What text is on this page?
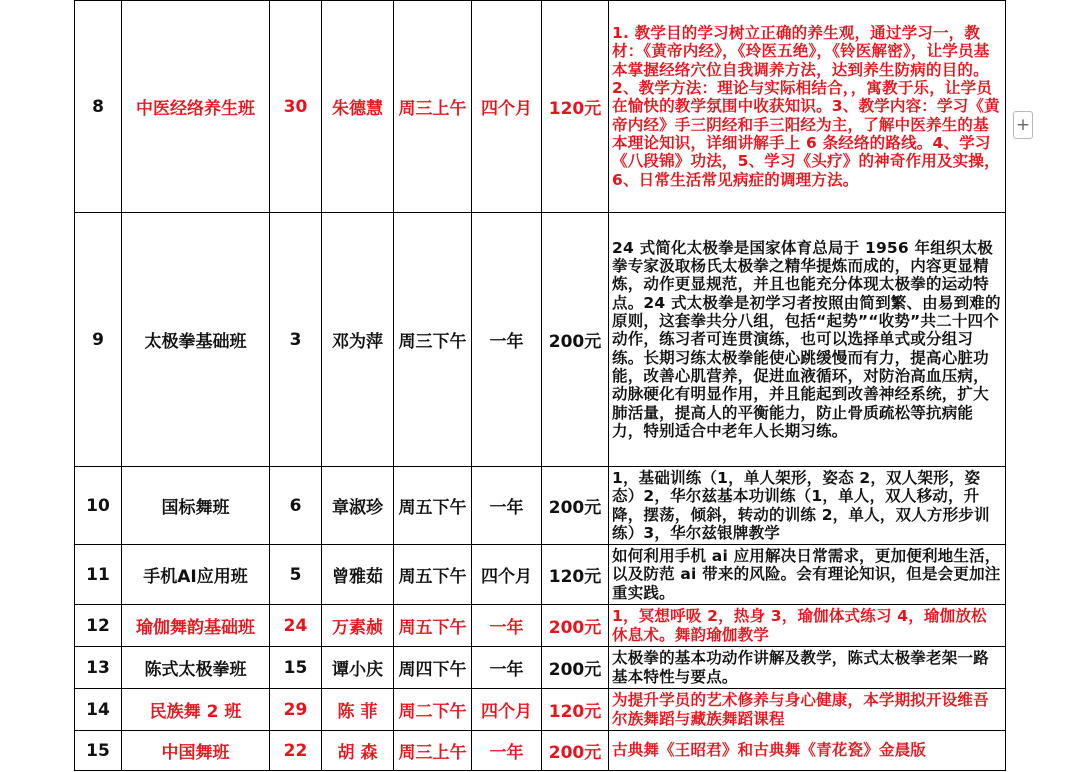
8	中医经络养生班	30	朱德慧	周三上午	四个月	120元	1. 教学目的学习树立正确的养生观，通过学习一，教材：《黄帝内经》，《玲医五绝》，《铃医解密》，让学员基本掌握经络穴位自我调养方法，达到养生防病的目的。2、教学方法：理论与实际相结合，，寓教于乐，让学员在愉快的教学氛围中收获知识。3、教学内容：学习《黄帝内经》手三阴经和手三阳经为主，了解中医养生的基本理论知识，详细讲解手上 6 条经络的路线。4、学习《八段锦》功法，5、学习《头疗》的神奇作用及实操，6、日常生活常见病症的调理方法。
9	太极拳基础班	3	邓为萍	周三下午	一年	200元	24 式简化太极拳是国家体育总局于 1956 年组织太极拳专家汲取杨氏太极拳之精华提炼而成的，内容更显精炼，动作更显规范，并且也能充分体现太极拳的运动特点。24 式太极拳是初学习者按照由简到繁、由易到难的原则，这套拳共分八组，包括“起势”“收势”共二十四个动作，练习者可连贯演练，也可以选择单式或分组习练。长期习练太极拳能使心跳缓慢而有力，提高心脏功能，改善心肌营养，促进血液循环，对防治高血压病，动脉硬化有明显作用，并且能起到改善神经系统，扩大肺活量，提高人的平衡能力，防止骨质疏松等抗病能力，特别适合中老年人长期习练。
10	国标舞班	6	章淑珍	周五下午	一年	200元	1，基础训练（1，单人架形，姿态 2，双人架形，姿态）2，华尔兹基本功训练（1，单人，双人移动，升降，摆荡，倾斜，转动的训练 2，单人，双人方形步训练）3，华尔兹银牌教学
11	手机AI应用班	5	曾雅茹	周五下午	四个月	120元	如何利用手机 ai 应用解决日常需求，更加便利地生活，以及防范 ai 带来的风险。会有理论知识，但是会更加注重实践。
12	瑜伽舞韵基础班	24	万素赪	周五下午	一年	200元	1，冥想呼吸 2，热身 3，瑜伽体式练习 4，瑜伽放松休息术。舞韵瑜伽教学
13	陈式太极拳班	15	谭小庆	周四下午	一年	200元	太极拳的基本功动作讲解及教学，陈式太极拳老架一路基本特性与要点。
14	民族舞 2 班	29	陈 菲	周二下午	四个月	120元	为提升学员的艺术修养与身心健康，本学期拟开设维吾尔族舞蹈与藏族舞蹈课程
15	中国舞班	22	胡 森	周三上午	一年	200元	古典舞《王昭君》和古典舞《青花瓷》金晨版
+
